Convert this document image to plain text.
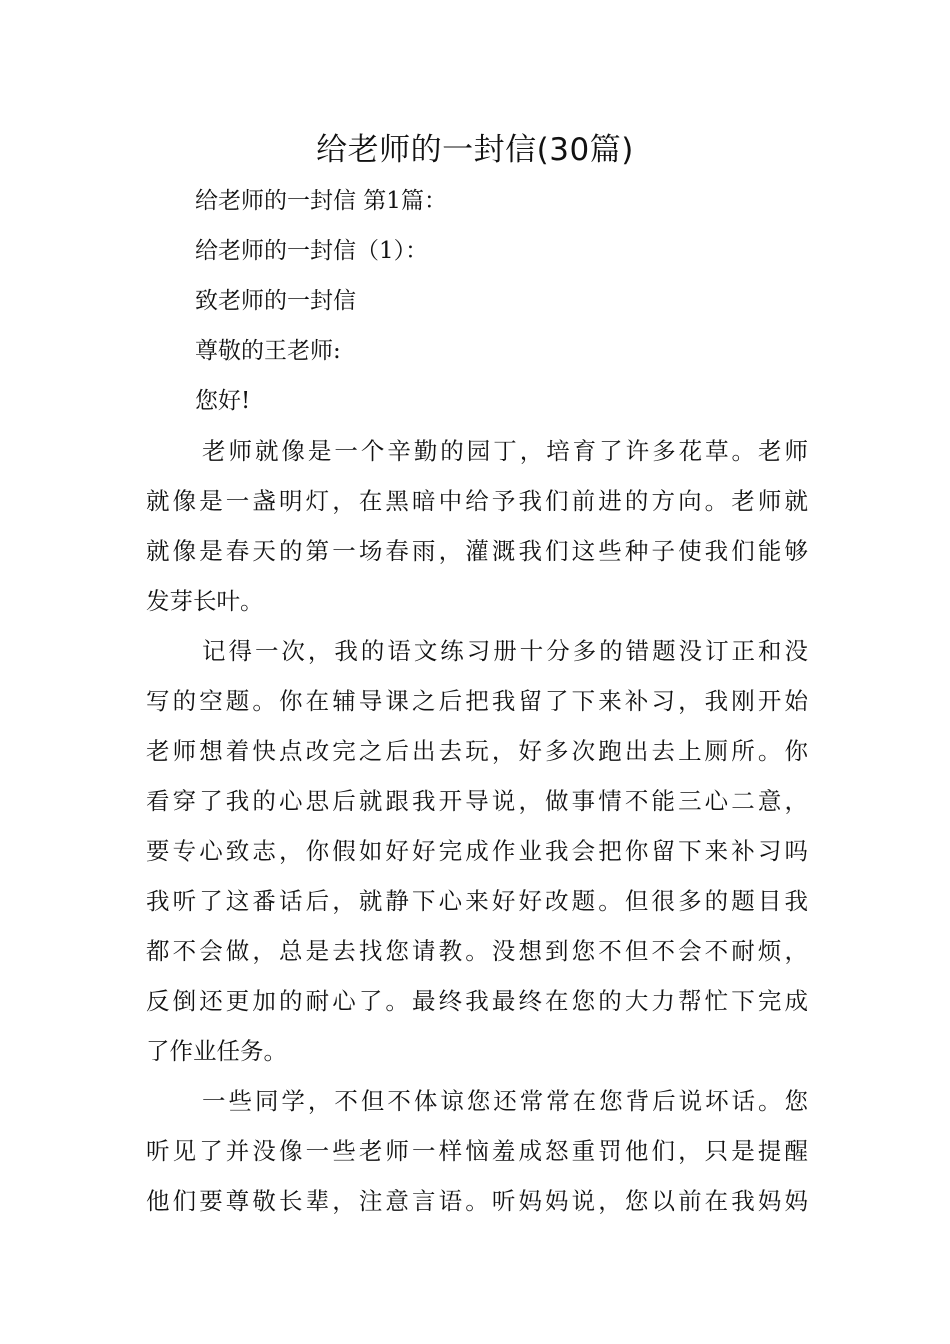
给老师的一封信(30篇)

给老师的一封信 第1篇：

给老师的一封信（1）：

致老师的一封信

尊敬的王老师:

您好!

老师就像是一个辛勤的园丁，培育了许多花草。老师
就像是一盏明灯，在黑暗中给予我们前进的方向。老师就
就像是春天的第一场春雨，灌溉我们这些种子使我们能够
发芽长叶。
记得一次，我的语文练习册十分多的错题没订正和没
写的空题。你在辅导课之后把我留了下来补习，我刚开始
老师想着快点改完之后出去玩，好多次跑出去上厕所。你
看穿了我的心思后就跟我开导说，做事情不能三心二意，
要专心致志，你假如好好完成作业我会把你留下来补习吗
我听了这番话后，就静下心来好好改题。但很多的题目我
都不会做，总是去找您请教。没想到您不但不会不耐烦，
反倒还更加的耐心了。最终我最终在您的大力帮忙下完成
了作业任务。
一些同学，不但不体谅您还常常在您背后说坏话。您
听见了并没像一些老师一样恼羞成怒重罚他们，只是提醒
他们要尊敬长辈，注意言语。听妈妈说，您以前在我妈妈
